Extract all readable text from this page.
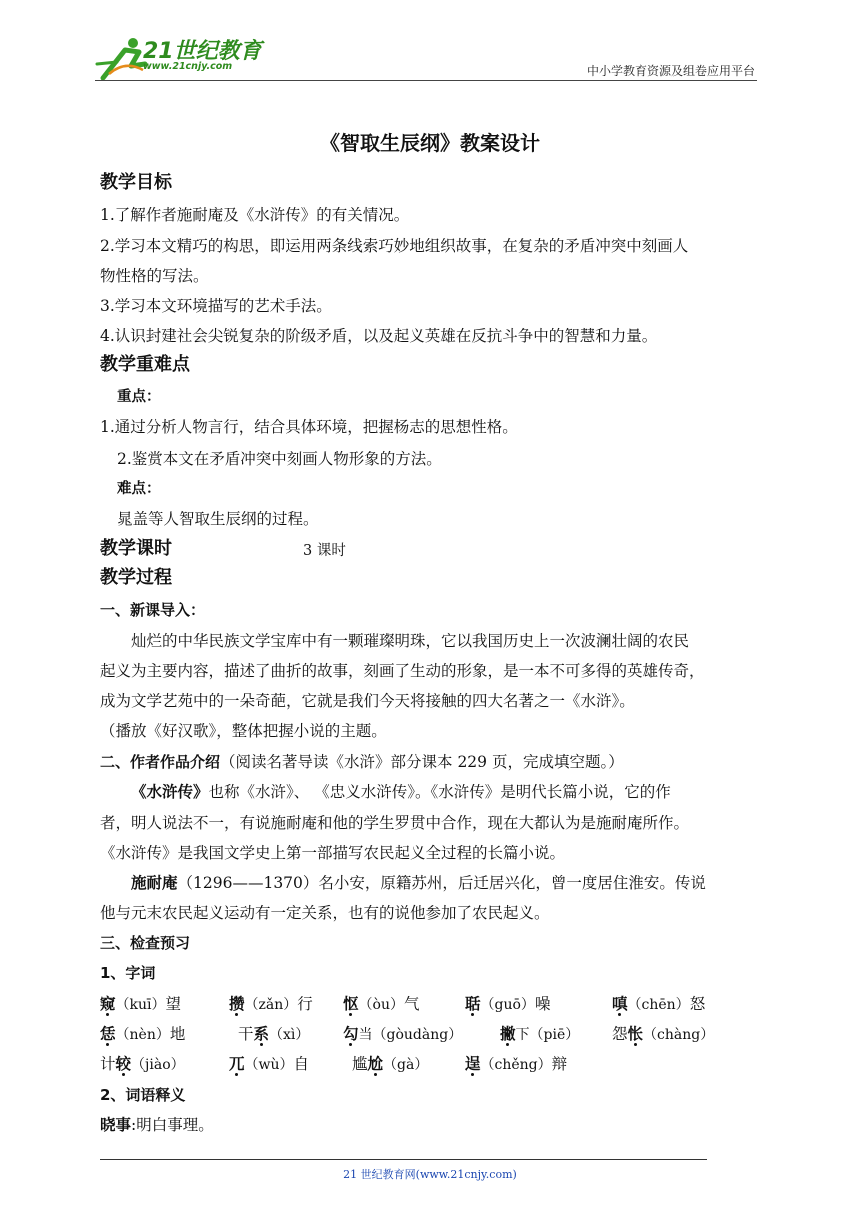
21世纪教育
www.21cnjy.com	中小学教育资源及组卷应用平台
《智取生辰纲》教案设计
教学目标
1.了解作者施耐庵及《水浒传》的有关情况。
2.学习本文精巧的构思，即运用两条线索巧妙地组织故事，在复杂的矛盾冲突中刻画人
物性格的写法。
3.学习本文环境描写的艺术手法。
4.认识封建社会尖锐复杂的阶级矛盾，以及起义英雄在反抗斗争中的智慧和力量。
教学重难点
重点：
1.通过分析人物言行，结合具体环境，把握杨志的思想性格。
2.鉴赏本文在矛盾冲突中刻画人物形象的方法。
难点：
晁盖等人智取生辰纲的过程。
教学课时	3 课时
教学过程
一、新课导入：
灿烂的中华民族文学宝库中有一颗璀璨明珠，它以我国历史上一次波澜壮阔的农民
起义为主要内容，描述了曲折的故事，刻画了生动的形象，是一本不可多得的英雄传奇，
成为文学艺苑中的一朵奇葩，它就是我们今天将接触的四大名著之一《水浒》。
（播放《好汉歌》，整体把握小说的主题。
二、作者作品介绍（阅读名著导读《水浒》部分课本 229 页，完成填空题。）
《水浒传》也称《水浒》、 《忠义水浒传》。《水浒传》是明代长篇小说，它的作
者，明人说法不一，有说施耐庵和他的学生罗贯中合作，现在大都认为是施耐庵所作。
《水浒传》是我国文学史上第一部描写农民起义全过程的长篇小说。
施耐庵（1296——1370）名小安，原籍苏州，后迁居兴化，曾一度居住淮安。传说
他与元末农民起义运动有一定关系，也有的说他参加了农民起义。
三、检查预习
1、字词
窥（kuī）望	攒（zǎn）行 怄（òu）气	聒（guō）噪	嗔（chēn）怒
恁（nèn）地	干系（xì） 勾当（gòudàng） 撇下（piē） 怨怅（chàng）
计较（jiào）	兀（wù）自	尴尬（gà） 逞（chěng）辩
2、词语释义
晓事:明白事理。
21 世纪教育网(www.21cnjy.com)
